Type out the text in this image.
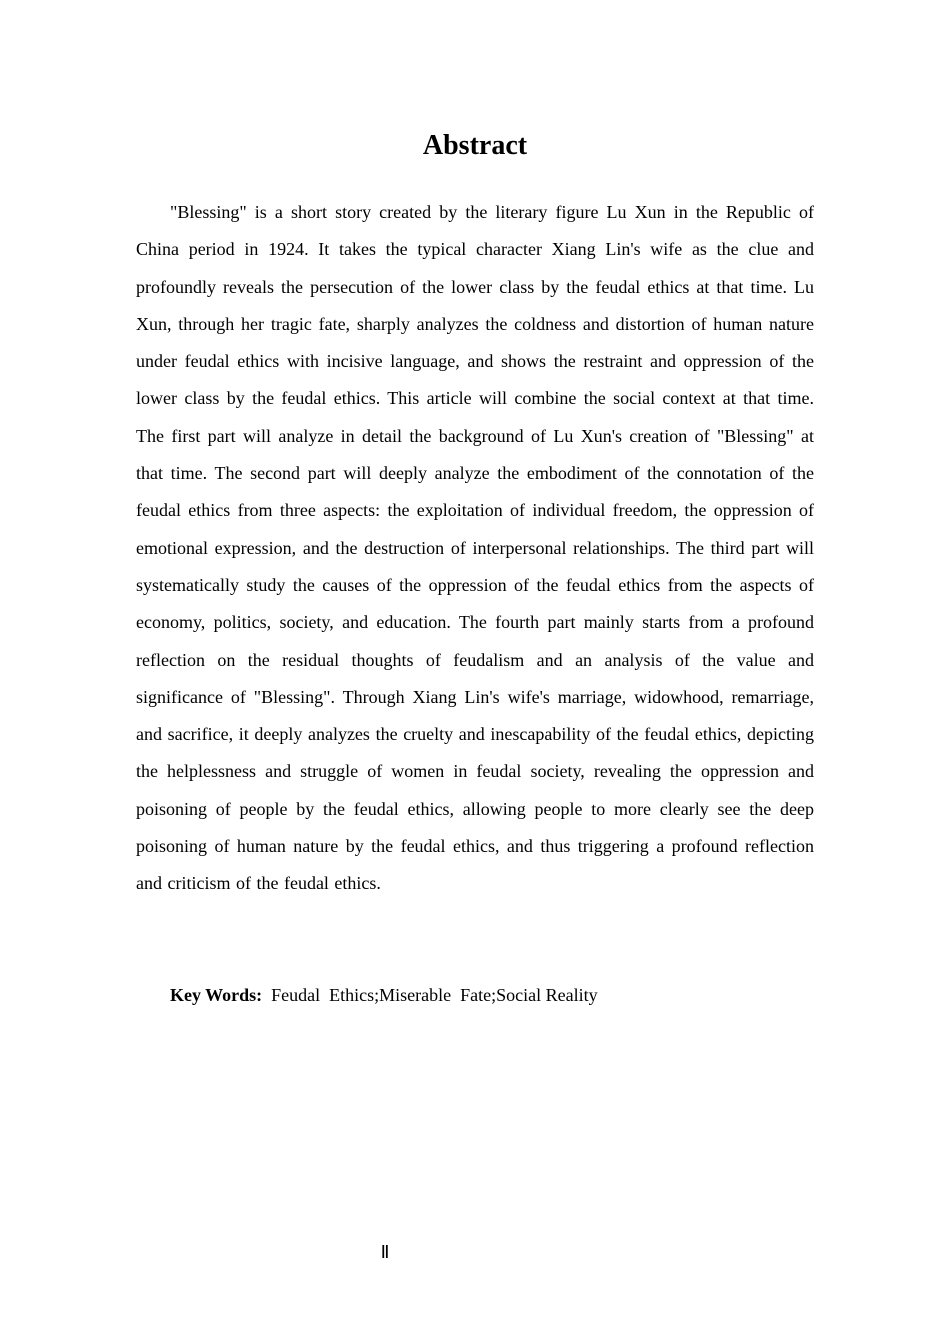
Abstract

"Blessing" is a short story created by the literary figure Lu Xun in the Republic of China period in 1924. It takes the typical character Xiang Lin's wife as the clue and profoundly reveals the persecution of the lower class by the feudal ethics at that time. Lu Xun, through her tragic fate, sharply analyzes the coldness and distortion of human nature under feudal ethics with incisive language, and shows the restraint and oppression of the lower class by the feudal ethics. This article will combine the social context at that time. The first part will analyze in detail the background of Lu Xun's creation of "Blessing" at that time. The second part will deeply analyze the embodiment of the connotation of the feudal ethics from three aspects: the exploitation of individual freedom, the oppression of emotional expression, and the destruction of interpersonal relationships. The third part will systematically study the causes of the oppression of the feudal ethics from the aspects of economy, politics, society, and education. The fourth part mainly starts from a profound reflection on the residual thoughts of feudalism and an analysis of the value and significance of "Blessing". Through Xiang Lin's wife's marriage, widowhood, remarriage, and sacrifice, it deeply analyzes the cruelty and inescapability of the feudal ethics, depicting the helplessness and struggle of women in feudal society, revealing the oppression and poisoning of people by the feudal ethics, allowing people to more clearly see the deep poisoning of human nature by the feudal ethics, and thus triggering a profound reflection and criticism of the feudal ethics.

Key Words: Feudal  Ethics;Miserable  Fate;Social Reality

Ⅱ
